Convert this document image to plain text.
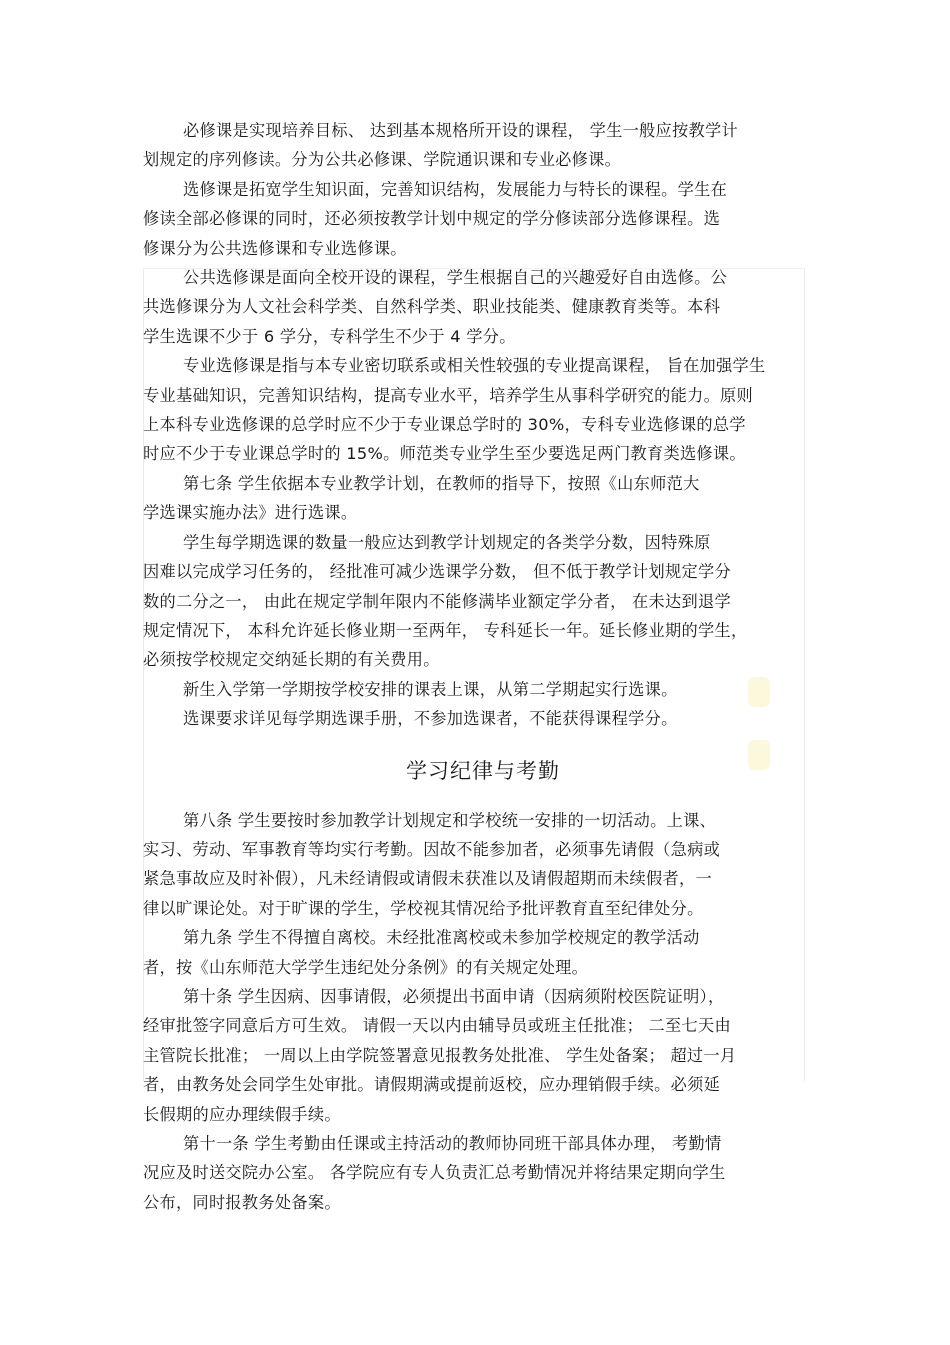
必修课是实现培养目标、 达到基本规格所开设的课程， 学生一般应按教学计
划规定的序列修读。分为公共必修课、学院通识课和专业必修课。

选修课是拓宽学生知识面，完善知识结构，发展能力与特长的课程。学生在
修读全部必修课的同时，还必须按教学计划中规定的学分修读部分选修课程。选
修课分为公共选修课和专业选修课。

公共选修课是面向全校开设的课程，学生根据自己的兴趣爱好自由选修。公
共选修课分为人文社会科学类、自然科学类、职业技能类、健康教育类等。本科
学生选课不少于 6 学分，专科学生不少于 4 学分。

专业选修课是指与本专业密切联系或相关性较强的专业提高课程， 旨在加强学生
专业基础知识，完善知识结构，提高专业水平，培养学生从事科学研究的能力。原则
上本科专业选修课的总学时应不少于专业课总学时的 30%，专科专业选修课的总学
时应不少于专业课总学时的 15%。师范类专业学生至少要选足两门教育类选修课。

第七条 学生依据本专业教学计划，在教师的指导下，按照《山东师范大
学选课实施办法》进行选课。

学生每学期选课的数量一般应达到教学计划规定的各类学分数，因特殊原
因难以完成学习任务的， 经批准可减少选课学分数， 但不低于教学计划规定学分
数的二分之一， 由此在规定学制年限内不能修满毕业额定学分者， 在未达到退学
规定情况下， 本科允许延长修业期一至两年， 专科延长一年。延长修业期的学生，
必须按学校规定交纳延长期的有关费用。

新生入学第一学期按学校安排的课表上课，从第二学期起实行选课。

选课要求详见每学期选课手册，不参加选课者，不能获得课程学分。

学习纪律与考勤

第八条 学生要按时参加教学计划规定和学校统一安排的一切活动。上课、
实习、劳动、军事教育等均实行考勤。因故不能参加者，必须事先请假（急病或
紧急事故应及时补假），凡未经请假或请假未获准以及请假超期而未续假者，一
律以旷课论处。对于旷课的学生，学校视其情况给予批评教育直至纪律处分。

第九条 学生不得擅自离校。未经批准离校或未参加学校规定的教学活动
者，按《山东师范大学学生违纪处分条例》的有关规定处理。

第十条 学生因病、因事请假，必须提出书面申请（因病须附校医院证明），
经审批签字同意后方可生效。 请假一天以内由辅导员或班主任批准； 二至七天由
主管院长批准； 一周以上由学院签署意见报教务处批准、 学生处备案； 超过一月
者，由教务处会同学生处审批。请假期满或提前返校，应办理销假手续。必须延
长假期的应办理续假手续。

第十一条 学生考勤由任课或主持活动的教师协同班干部具体办理， 考勤情
况应及时送交院办公室。 各学院应有专人负责汇总考勤情况并将结果定期向学生
公布，同时报教务处备案。
